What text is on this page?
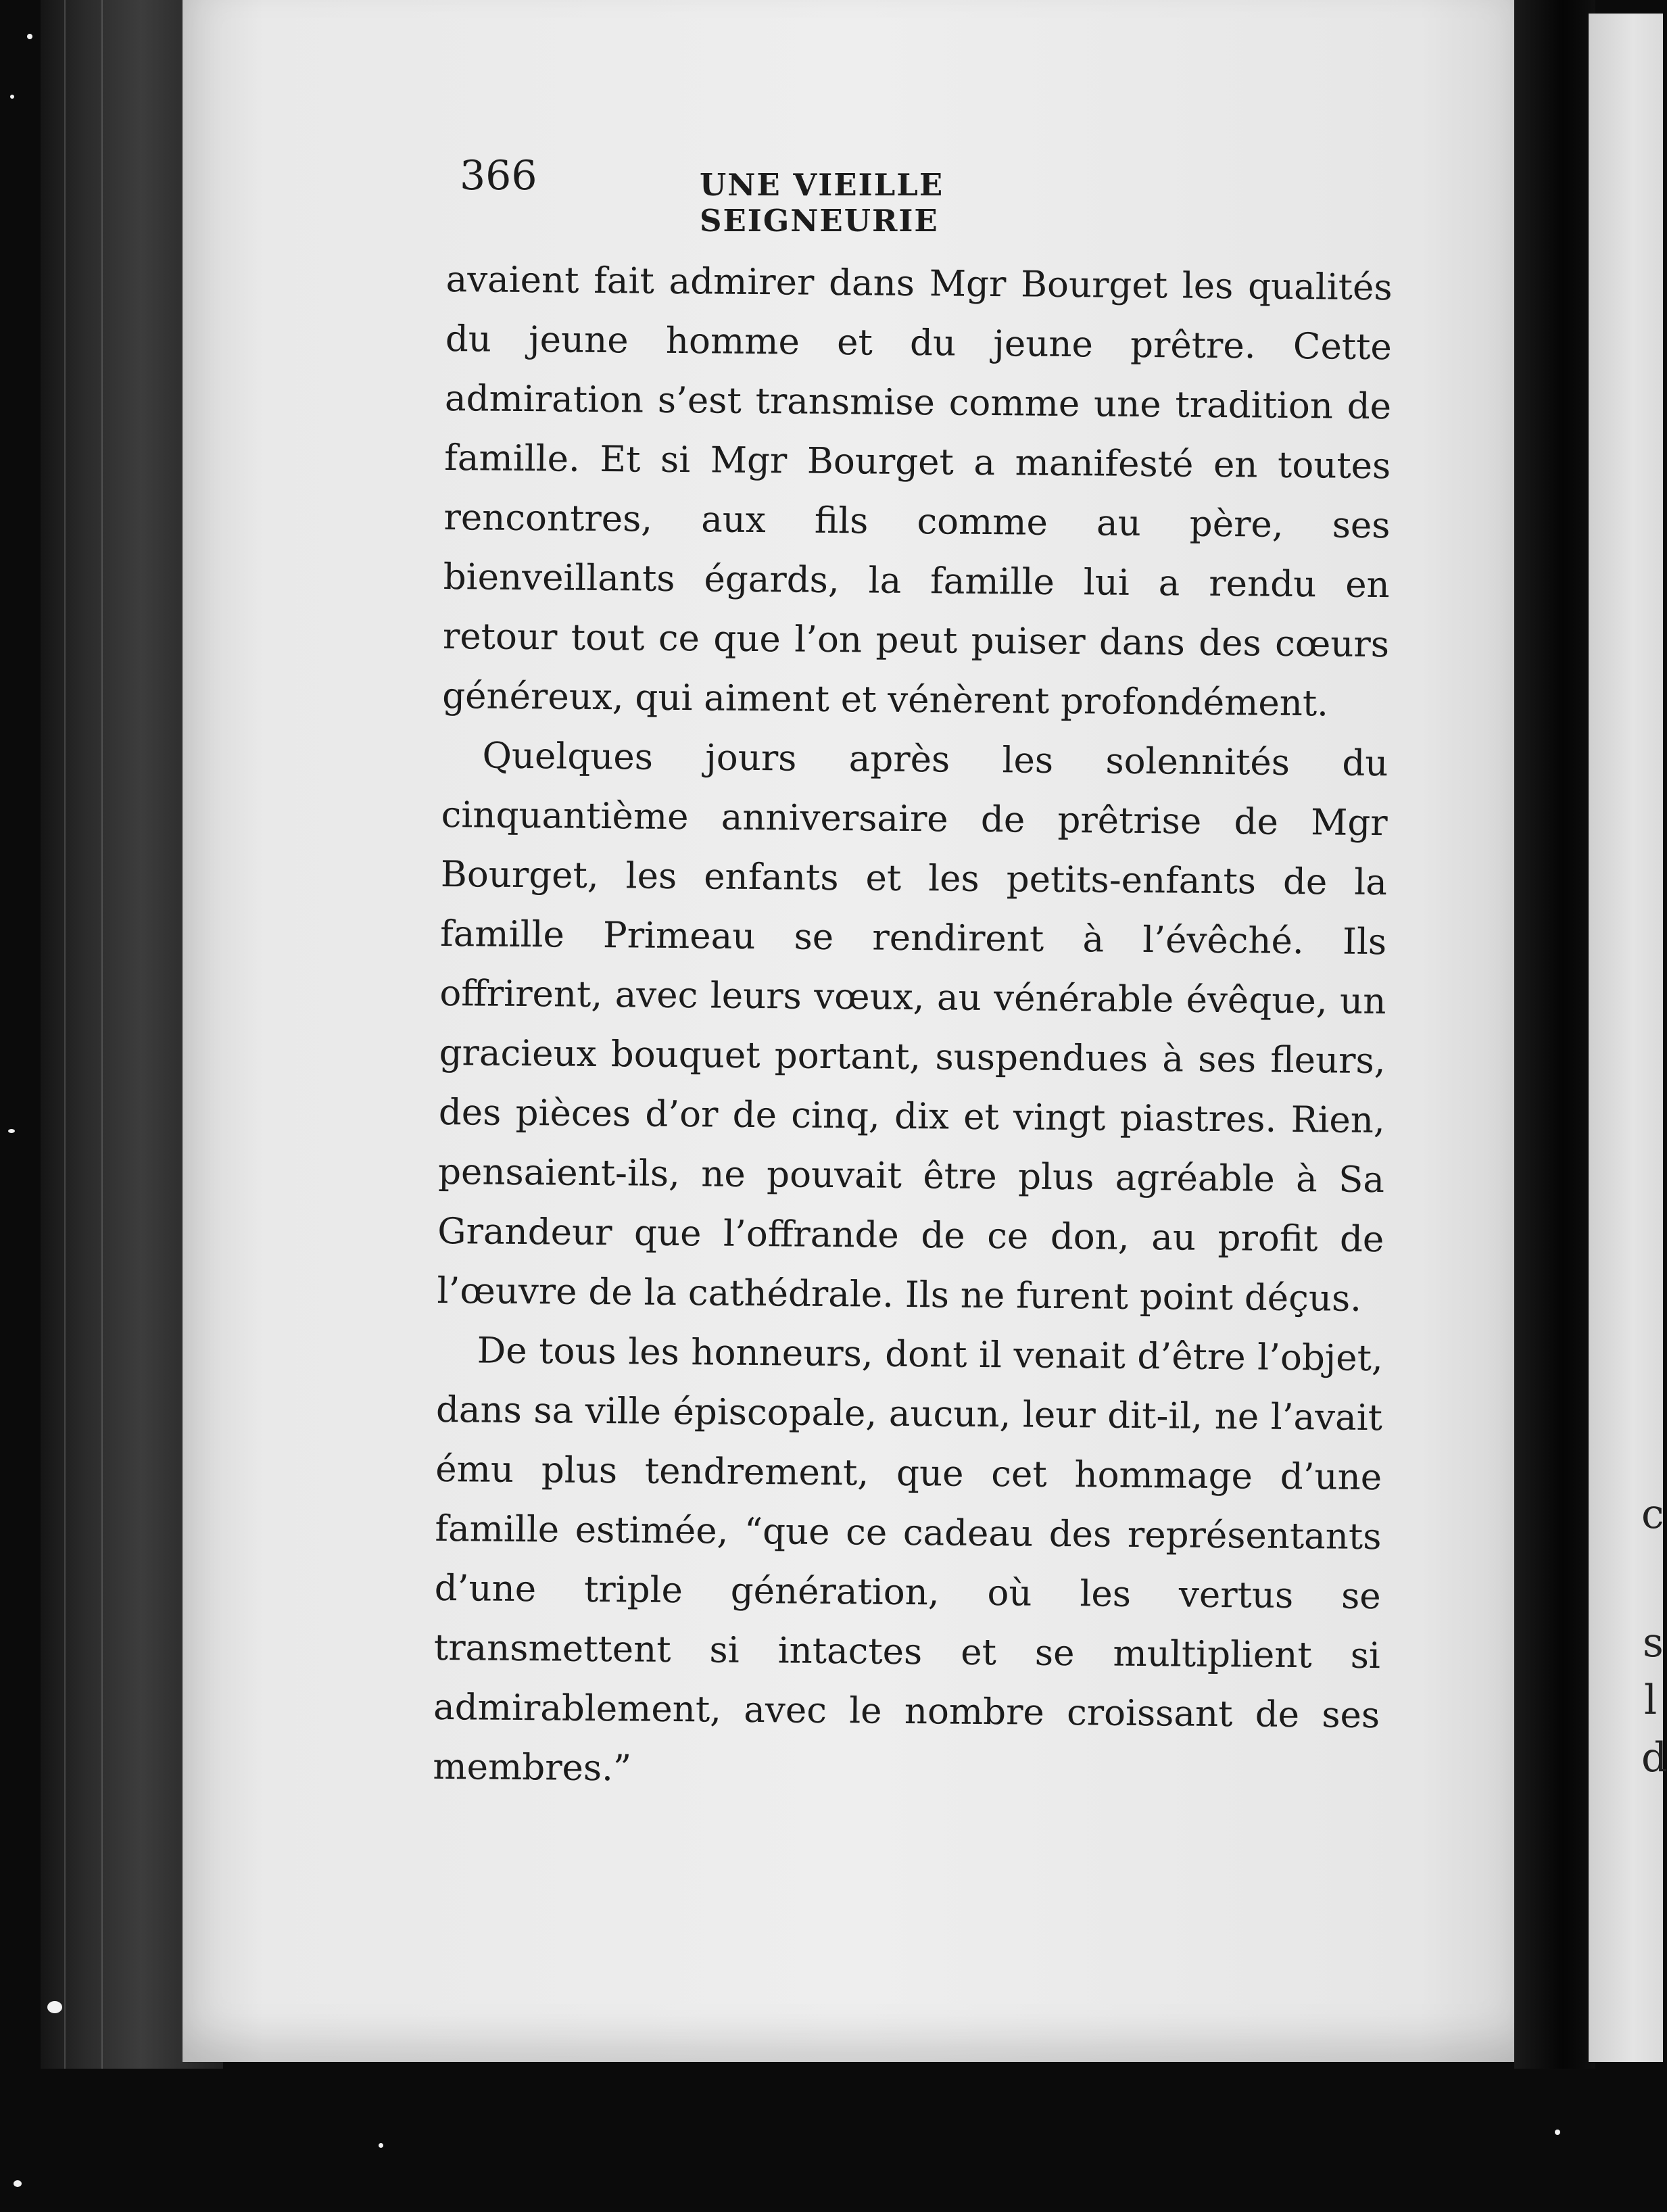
c
s
l
d
366	UNE VIEILLE SEIGNEURIE

avaient fait admirer dans Mgr Bourget les qualités du jeune homme et du jeune prêtre. Cette admiration s’est transmise comme une tradition de famille. Et si Mgr Bourget a manifesté en toutes rencontres, aux fils comme au père, ses bienveillants égards, la famille lui a rendu en retour tout ce que l’on peut puiser dans des cœurs généreux, qui aiment et vénèrent profondément.

Quelques jours après les solennités du cinquantième anniversaire de prêtrise de Mgr Bourget, les enfants et les petits-enfants de la famille Primeau se rendirent à l’évêché. Ils offrirent, avec leurs vœux, au vénérable évêque, un gracieux bouquet portant, suspendues à ses fleurs, des pièces d’or de cinq, dix et vingt piastres. Rien, pensaient-ils, ne pouvait être plus agréable à Sa Grandeur que l’offrande de ce don, au profit de l’œuvre de la cathédrale. Ils ne furent point déçus.

De tous les honneurs, dont il venait d’être l’objet, dans sa ville épiscopale, aucun, leur dit-il, ne l’avait ému plus tendrement, que cet hommage d’une famille estimée, “que ce cadeau des représentants d’une triple génération, où les vertus se transmettent si intactes et se multiplient si admirablement, avec le nombre croissant de ses membres.”
